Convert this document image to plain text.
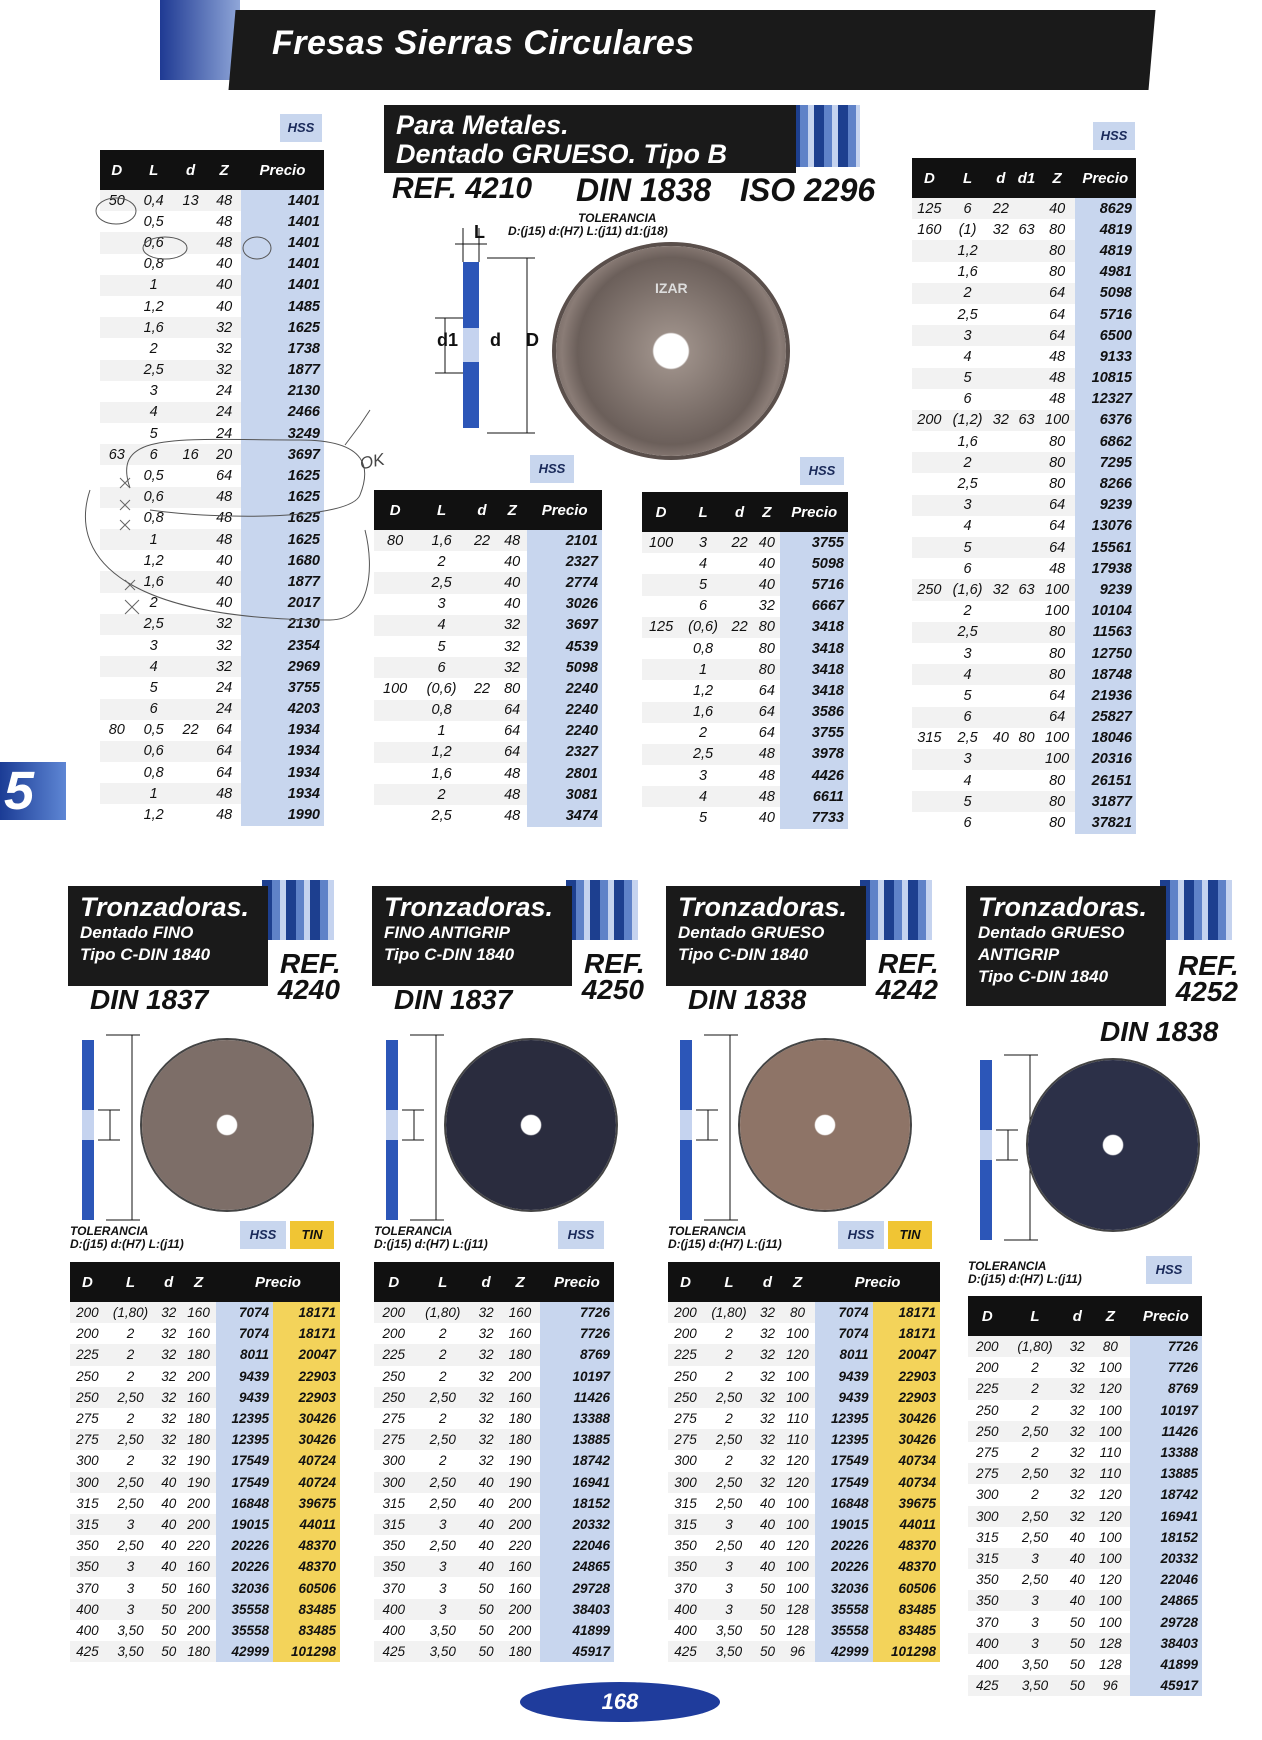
Fresas Sierras Circulares
5
Para Metales.
Dentado GRUESO. Tipo B
REF. 4210 DIN 1838 ISO 2296
TOLERANCIA
D:(j15) d:(H7) L:(j11) d1:(j18)
L
d1 d D
IZAR
HSS
HSS
HSS	HSS
D	L	d	Z	Precio
50	0,4	13	48	1401
	0,5		48	1401
	0,6		48	1401
	0,8		40	1401
	1		40	1401
	1,2		40	1485
	1,6		32	1625
	2		32	1738
	2,5		32	1877
	3		24	2130
	4		24	2466
	5		24	3249
63	6	16	20	3697
	0,5		64	1625
	0,6		48	1625
	0,8		48	1625
	1		48	1625
	1,2		40	1680
	1,6		40	1877
	2		40	2017
	2,5		32	2130
	3		32	2354
	4		32	2969
	5		24	3755
	6		24	4203
80	0,5	22	64	1934
	0,6		64	1934
	0,8		64	1934
	1		48	1934
	1,2		48	1990
D	L	d	Z	Precio
80	1,6	22	48	2101
	2		40	2327
	2,5		40	2774
	3		40	3026
	4		32	3697
	5		32	4539
	6		32	5098
100	(0,6)	22	80	2240
	0,8		64	2240
	1		64	2240
	1,2		64	2327
	1,6		48	2801
	2		48	3081
	2,5		48	3474
D	L	d	Z	Precio
100	3	22	40	3755
	4		40	5098
	5		40	5716
	6		32	6667
125	(0,6)	22	80	3418
	0,8		80	3418
	1		80	3418
	1,2		64	3418
	1,6		64	3586
	2		64	3755
	2,5		48	3978
	3		48	4426
	4		48	6611
	5		40	7733
D	L	d	d1	Z	Precio
125	6	22		40	8629
160	(1)	32	63	80	4819
	1,2			80	4819
	1,6			80	4981
	2			64	5098
	2,5			64	5716
	3			64	6500
	4			48	9133
	5			48	10815
	6			48	12327
200	(1,2)	32	63	100	6376
	1,6			80	6862
	2			80	7295
	2,5			80	8266
	3			64	9239
	4			64	13076
	5			64	15561
	6			48	17938
250	(1,6)	32	63	100	9239
	2			100	10104
	2,5			80	11563
	3			80	12750
	4			80	18748
	5			64	21936
	6			64	25827
315	2,5	40	80	100	18046
	3			100	20316
	4			80	26151
	5			80	31877
	6			80	37821
OK
Tronzadoras.
Dentado FINO
Tipo C-DIN 1840	REF.
4240
DIN 1837
TOLERANCIA
D:(j15) d:(H7) L:(j11)
HSS	TIN
D	L	d	Z	Precio	
200	(1,80)	32	160	7074	18171
200	2	32	160	7074	18171
225	2	32	180	8011	20047
250	2	32	200	9439	22903
250	2,50	32	160	9439	22903
275	2	32	180	12395	30426
275	2,50	32	180	12395	30426
300	2	32	190	17549	40724
300	2,50	40	190	17549	40724
315	2,50	40	200	16848	39675
315	3	40	200	19015	44011
350	2,50	40	220	20226	48370
350	3	40	160	20226	48370
370	3	50	160	32036	60506
400	3	50	200	35558	83485
400	3,50	50	200	35558	83485
425	3,50	50	180	42999	101298
Tronzadoras.
FINO ANTIGRIP
Tipo C-DIN 1840	REF.
4250
DIN 1837
TOLERANCIA
D:(j15) d:(H7) L:(j11)
HSS
D	L	d	Z	Precio
200	(1,80)	32	160	7726
200	2	32	160	7726
225	2	32	180	8769
250	2	32	200	10197
250	2,50	32	160	11426
275	2	32	180	13388
275	2,50	32	180	13885
300	2	32	190	18742
300	2,50	40	190	16941
315	2,50	40	200	18152
315	3	40	200	20332
350	2,50	40	220	22046
350	3	40	160	24865
370	3	50	160	29728
400	3	50	200	38403
400	3,50	50	200	41899
425	3,50	50	180	45917
Tronzadoras.
Dentado GRUESO
Tipo C-DIN 1840	REF.
4242
DIN 1838
TOLERANCIA
D:(j15) d:(H7) L:(j11)
HSS	TIN
D	L	d	Z	Precio	
200	(1,80)	32	80	7074	18171
200	2	32	100	7074	18171
225	2	32	120	8011	20047
250	2	32	100	9439	22903
250	2,50	32	100	9439	22903
275	2	32	110	12395	30426
275	2,50	32	110	12395	30426
300	2	32	120	17549	40734
300	2,50	32	120	17549	40734
315	2,50	40	100	16848	39675
315	3	40	100	19015	44011
350	2,50	40	120	20226	48370
350	3	40	100	20226	48370
370	3	50	100	32036	60506
400	3	50	128	35558	83485
400	3,50	50	128	35558	83485
425	3,50	50	96	42999	101298
Tronzadoras.
Dentado GRUESO
ANTIGRIP
Tipo C-DIN 1840	REF.
4252
DIN 1838
TOLERANCIA
D:(j15) d:(H7) L:(j11)
HSS
D	L	d	Z	Precio
200	(1,80)	32	80	7726
200	2	32	100	7726
225	2	32	120	8769
250	2	32	100	10197
250	2,50	32	100	11426
275	2	32	110	13388
275	2,50	32	110	13885
300	2	32	120	18742
300	2,50	32	120	16941
315	2,50	40	100	18152
315	3	40	100	20332
350	2,50	40	120	22046
350	3	40	100	24865
370	3	50	100	29728
400	3	50	128	38403
400	3,50	50	128	41899
425	3,50	50	96	45917
168
